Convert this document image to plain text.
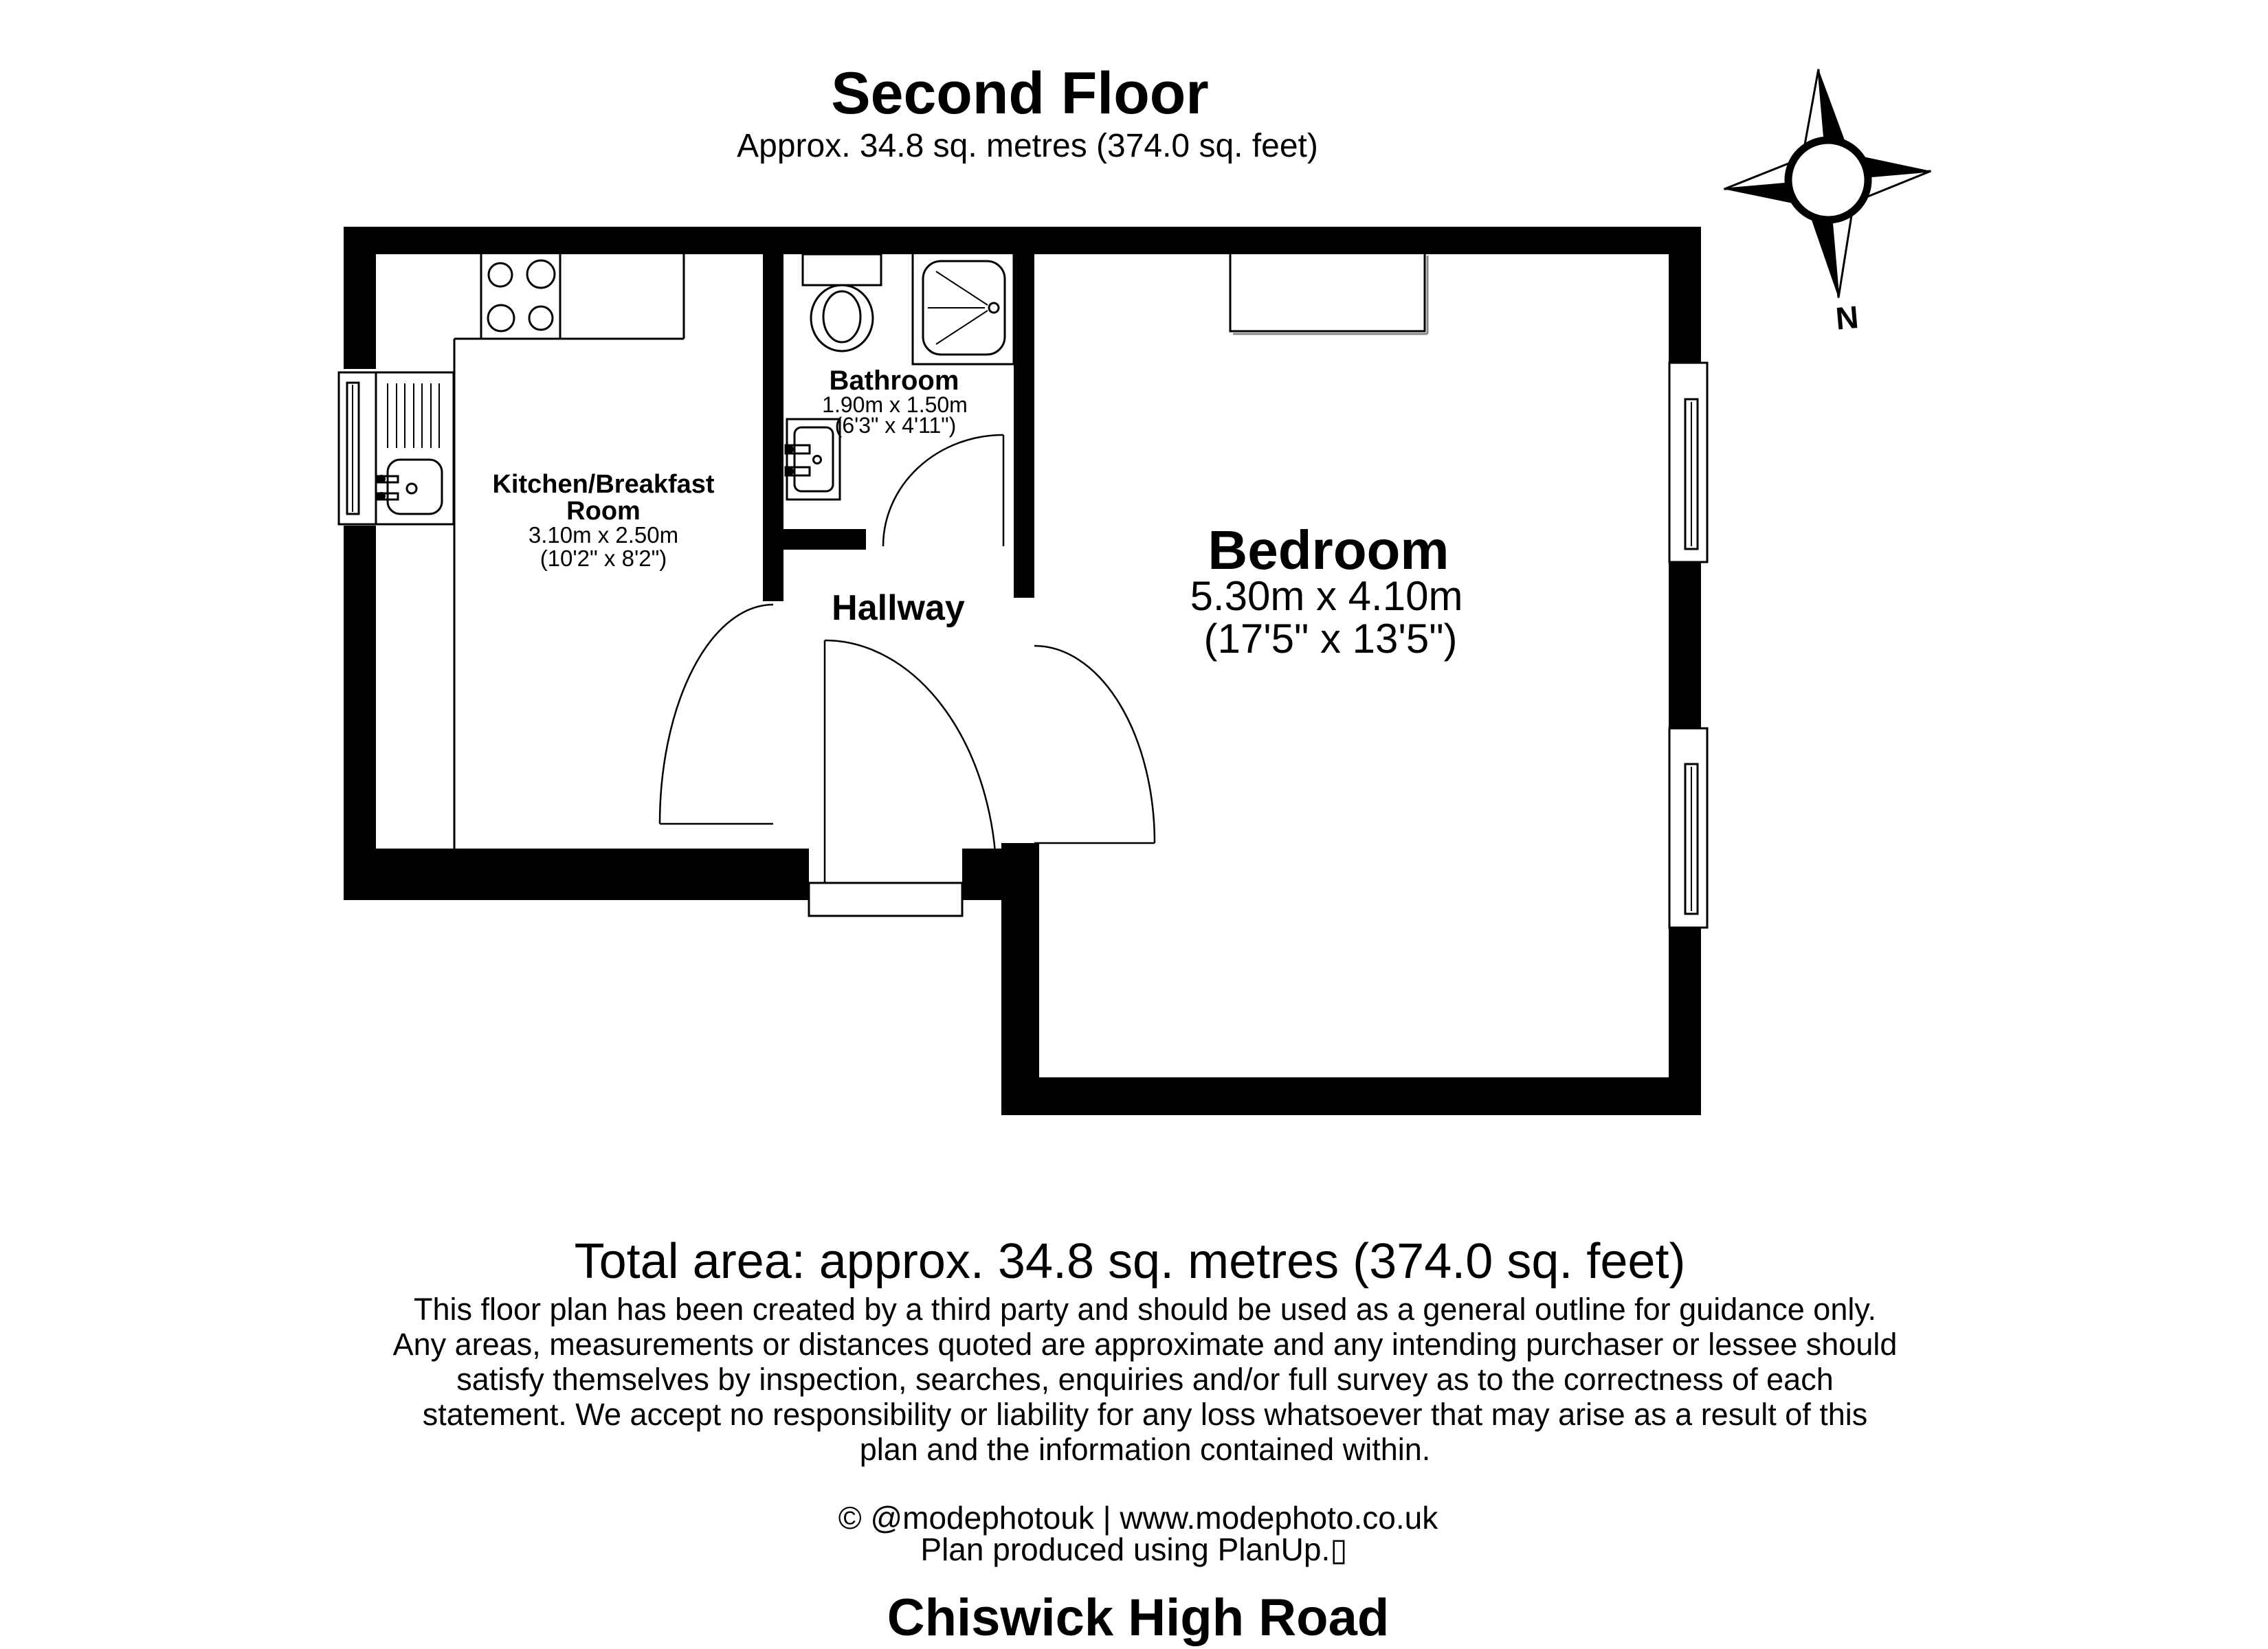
Second Floor
Approx. 34.8 sq. metres (374.0 sq. feet)
Kitchen/Breakfast
Room
3.10m x 2.50m
(10'2" x 8'2")
Bathroom
1.90m x 1.50m
(6'3" x 4'11")
Hallway
Bedroom
5.30m x 4.10m
(17'5" x 13'5")
N
Total area: approx. 34.8 sq. metres (374.0 sq. feet)
This floor plan has been created by a third party and should be used as a general outline for guidance only.
Any areas, measurements or distances quoted are approximate and any intending purchaser or lessee should
satisfy themselves by inspection, searches, enquiries and/or full survey as to the correctness of each
statement. We accept no responsibility or liability for any loss whatsoever that may arise as a result of this
plan and the information contained within.
© @modephotouk | www.modephoto.co.uk
Plan produced using PlanUp.▯
Chiswick High Road
